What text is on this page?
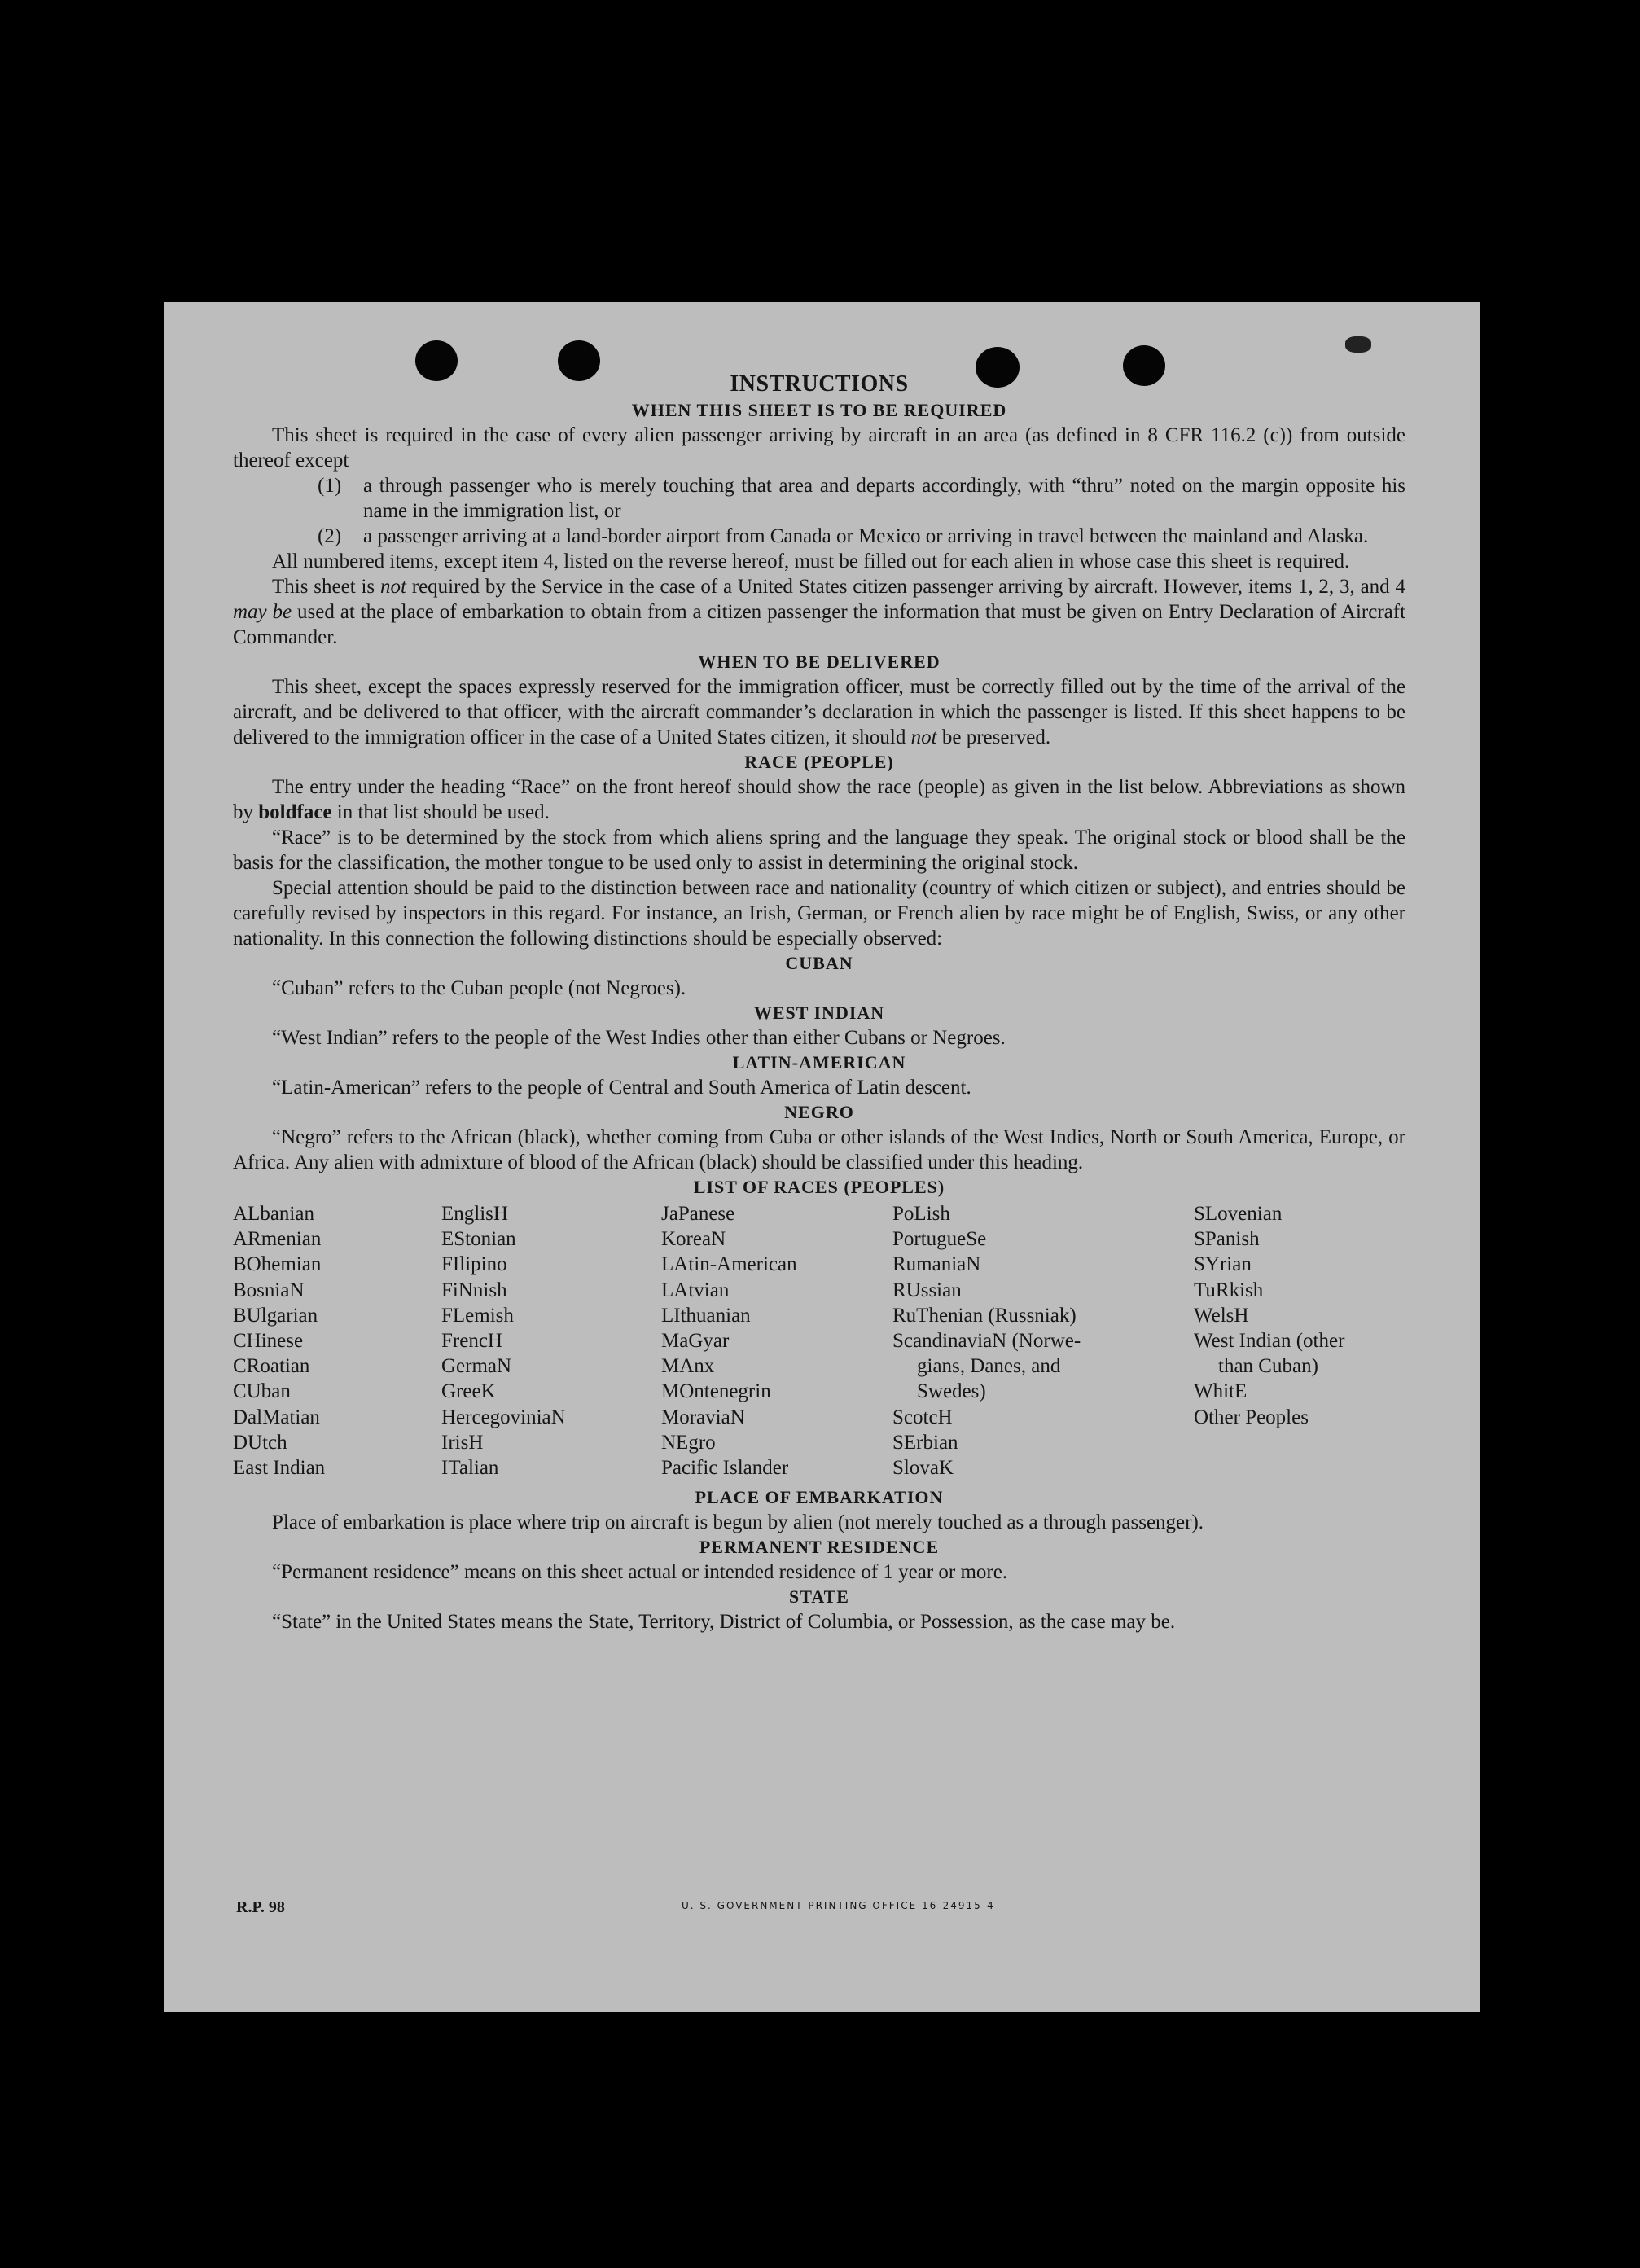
INSTRUCTIONS
WHEN THIS SHEET IS TO BE REQUIRED

This sheet is required in the case of every alien passenger arriving by aircraft in an area (as defined in 8 CFR 116.2 (c)) from outside thereof except

(1) a through passenger who is merely touching that area and departs accordingly, with “thru” noted on the margin opposite his name in the immigration list, or

(2) a passenger arriving at a land-border airport from Canada or Mexico or arriving in travel between the mainland and Alaska.

All numbered items, except item 4, listed on the reverse hereof, must be filled out for each alien in whose case this sheet is required.

This sheet is not required by the Service in the case of a United States citizen passenger arriving by aircraft. However, items 1, 2, 3, and 4 may be used at the place of embarkation to obtain from a citizen passenger the information that must be given on Entry Declaration of Aircraft Commander.

WHEN TO BE DELIVERED

This sheet, except the spaces expressly reserved for the immigration officer, must be correctly filled out by the time of the arrival of the aircraft, and be delivered to that officer, with the aircraft commander’s declaration in which the passenger is listed. If this sheet happens to be delivered to the immigration officer in the case of a United States citizen, it should not be preserved.

RACE (PEOPLE)

The entry under the heading “Race” on the front hereof should show the race (people) as given in the list below. Abbreviations as shown by boldface in that list should be used.

“Race” is to be determined by the stock from which aliens spring and the language they speak. The original stock or blood shall be the basis for the classification, the mother tongue to be used only to assist in determining the original stock.

Special attention should be paid to the distinction between race and nationality (country of which citizen or subject), and entries should be carefully revised by inspectors in this regard. For instance, an Irish, German, or French alien by race might be of English, Swiss, or any other nationality. In this connection the following distinctions should be especially observed:

CUBAN

“Cuban” refers to the Cuban people (not Negroes).

WEST INDIAN

“West Indian” refers to the people of the West Indies other than either Cubans or Negroes.

LATIN-AMERICAN

“Latin-American” refers to the people of Central and South America of Latin descent.

NEGRO

“Negro” refers to the African (black), whether coming from Cuba or other islands of the West Indies, North or South America, Europe, or Africa. Any alien with admixture of blood of the African (black) should be classified under this heading.

LIST OF RACES (PEOPLES)
ALbanian
ARmenian
BOhemian
BosniaN
BUlgarian
CHinese
CRoatian
CUban
DalMatian
DUtch
East Indian
EnglisH
EStonian
FIlipino
FiNnish
FLemish
FrencH
GermaN
GreeK
HercegoviniaN
IrisH
ITalian
JaPanese
KoreaN
LAtin-American
LAtvian
LIthuanian
MaGyar
MAnx
MOntenegrin
MoraviaN
NEgro
Pacific Islander
PoLish
PortugueSe
RumaniaN
RUssian
RuThenian (Russniak)
ScandinaviaN (Norwe-
gians, Danes, and
Swedes)
ScotcH
SErbian
SlovaK
SLovenian
SPanish
SYrian
TuRkish
WelsH
West Indian (other
than Cuban)
WhitE
Other Peoples
PLACE OF EMBARKATION

Place of embarkation is place where trip on aircraft is begun by alien (not merely touched as a through passenger).

PERMANENT RESIDENCE

“Permanent residence” means on this sheet actual or intended residence of 1 year or more.

STATE

“State” in the United States means the State, Territory, District of Columbia, or Possession, as the case may be.

R.P. 98	U. S. GOVERNMENT PRINTING OFFICE 16-24915-4
